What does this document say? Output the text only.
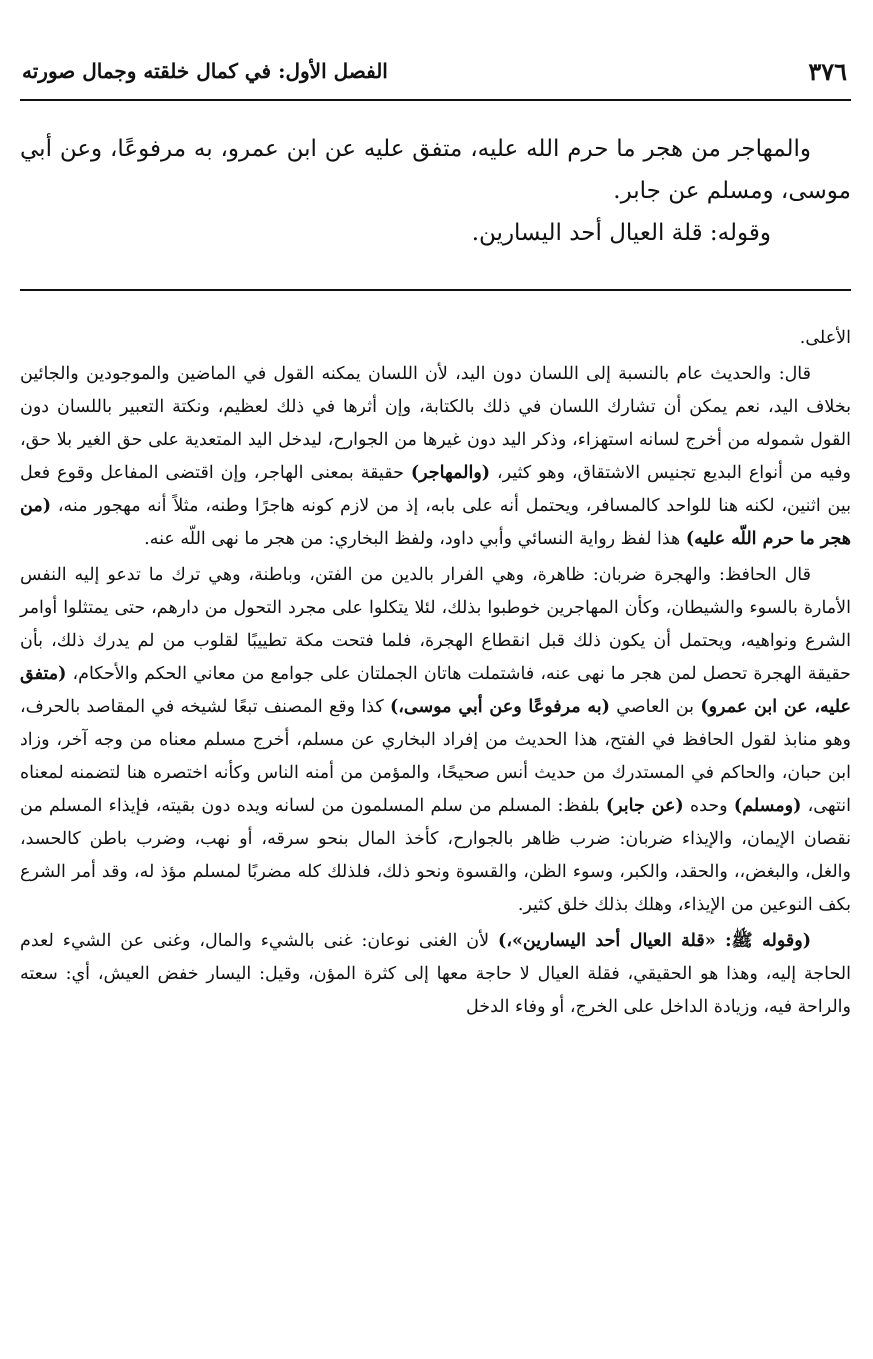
٣٧٦
الفصل الأول: في كمال خلقته وجمال صورته

والمهاجر من هجر ما حرم الله عليه، متفق عليه عن ابن عمرو، به مرفوعًا، وعن أبي موسى، ومسلم عن جابر.

وقوله: قلة العيال أحد اليسارين.

الأعلى.

قال: والحديث عام بالنسبة إلى اللسان دون اليد، لأن اللسان يمكنه القول في الماضين والموجودين والجائين بخلاف اليد، نعم يمكن أن تشارك اللسان في ذلك بالكتابة، وإن أثرها في ذلك لعظيم، ونكتة التعبير باللسان دون القول شموله من أخرج لسانه استهزاء، وذكر اليد دون غيرها من الجوارح، ليدخل اليد المتعدية على حق الغير بلا حق، وفيه من أنواع البديع تجنيس الاشتقاق، وهو كثير، (والمهاجر) حقيقة بمعنى الهاجر، وإن اقتضى المفاعل وقوع فعل بين اثنين، لكنه هنا للواحد كالمسافر، ويحتمل أنه على بابه، إذ من لازم كونه هاجرًا وطنه، مثلاً أنه مهجور منه، (من هجر ما حرم اللّه عليه) هذا لفظ رواية النسائي وأبي داود، ولفظ البخاري: من هجر ما نهى اللّه عنه.

قال الحافظ: والهجرة ضربان: ظاهرة، وهي الفرار بالدين من الفتن، وباطنة، وهي ترك ما تدعو إليه النفس الأمارة بالسوء والشيطان، وكأن المهاجرين خوطبوا بذلك، لئلا يتكلوا على مجرد التحول من دارهم، حتى يمتثلوا أوامر الشرع ونواهيه، ويحتمل أن يكون ذلك قبل انقطاع الهجرة، فلما فتحت مكة تطييبًا لقلوب من لم يدرك ذلك، بأن حقيقة الهجرة تحصل لمن هجر ما نهى عنه، فاشتملت هاتان الجملتان على جوامع من معاني الحكم والأحكام، (متفق عليه، عن ابن عمرو) بن العاصي (به مرفوعًا وعن أبي موسى،) كذا وقع المصنف تبعًا لشيخه في المقاصد بالحرف، وهو منابذ لقول الحافظ في الفتح، هذا الحديث من إفراد البخاري عن مسلم، أخرج مسلم معناه من وجه آخر، وزاد ابن حبان، والحاكم في المستدرك من حديث أنس صحيحًا، والمؤمن من أمنه الناس وكأنه اختصره هنا لتضمنه لمعناه انتهى، (ومسلم) وحده (عن جابر) بلفظ: المسلم من سلم المسلمون من لسانه ويده دون بقيته، فإيذاء المسلم من نقصان الإيمان، والإيذاء ضربان: ضرب ظاهر بالجوارح، كأخذ المال بنحو سرقه، أو نهب، وضرب باطن كالحسد، والغل، والبغض،، والحقد، والكبر، وسوء الظن، والقسوة ونحو ذلك، فلذلك كله مضربًا لمسلم مؤذ له، وقد أمر الشرع بكف النوعين من الإيذاء، وهلك بذلك خلق كثير.

(وقوله ﷺ: «قلة العيال أحد اليسارين»،) لأن الغنى نوعان: غنى بالشيء والمال، وغنى عن الشيء لعدم الحاجة إليه، وهذا هو الحقيقي، فقلة العيال لا حاجة معها إلى كثرة المؤن، وقيل: اليسار خفض العيش، أي: سعته والراحة فيه، وزيادة الداخل على الخرج، أو وفاء الدخل
